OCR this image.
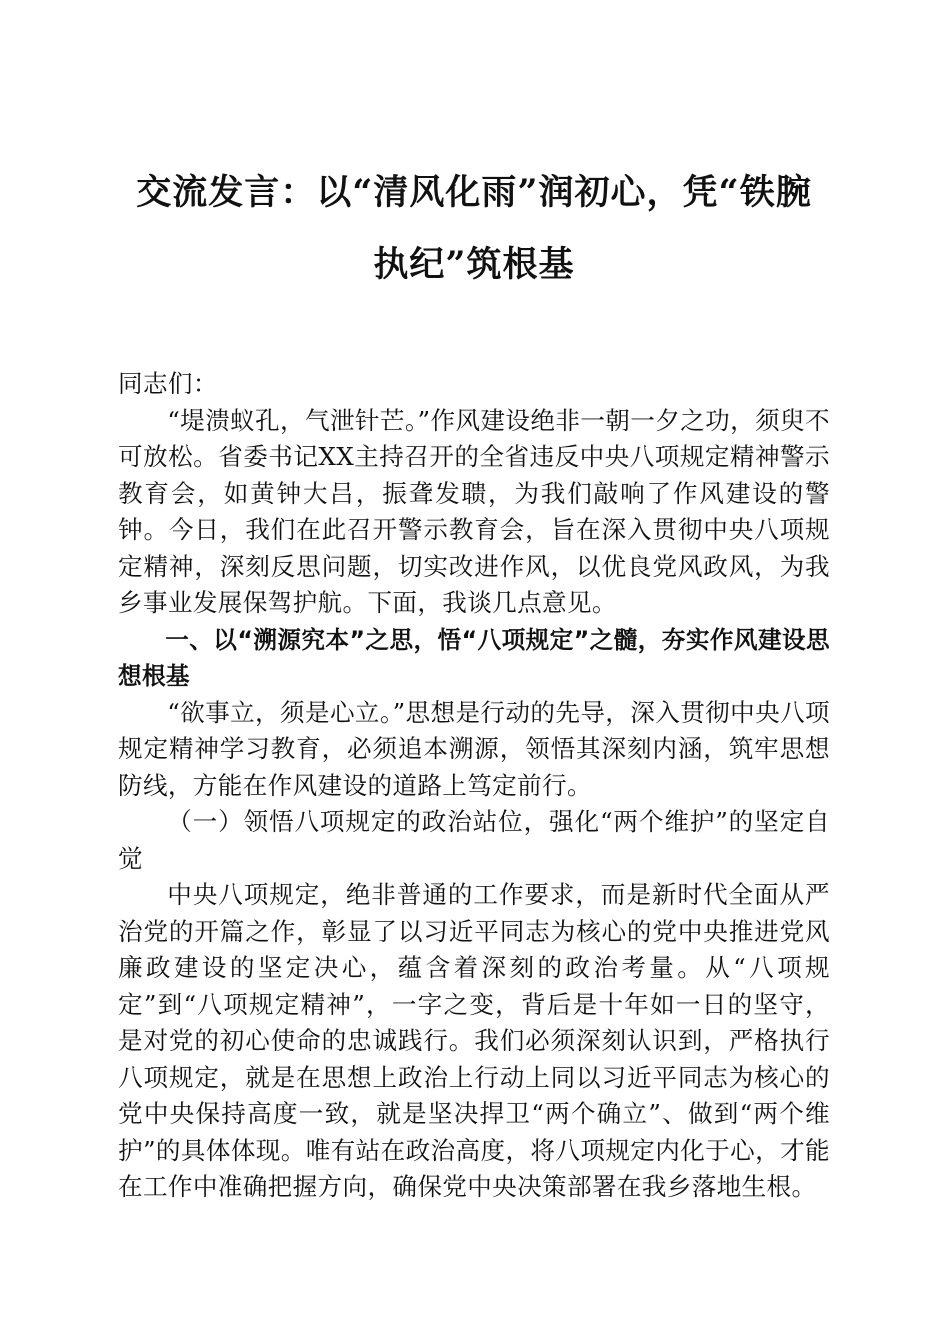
交流发言：以“清风化雨”润初心，凭“铁腕
执纪”筑根基

同志们：

“堤溃蚁孔，气泄针芒。”作风建设绝非一朝一夕之功，须臾不可放松。省委书记XX主持召开的全省违反中央八项规定精神警示教育会，如黄钟大吕，振聋发聩，为我们敲响了作风建设的警钟。今日，我们在此召开警示教育会，旨在深入贯彻中央八项规定精神，深刻反思问题，切实改进作风，以优良党风政风，为我乡事业发展保驾护航。下面，我谈几点意见。

一、以“溯源究本”之思，悟“八项规定”之髓，夯实作风建设思想根基

“欲事立，须是心立。”思想是行动的先导，深入贯彻中央八项规定精神学习教育，必须追本溯源，领悟其深刻内涵，筑牢思想防线，方能在作风建设的道路上笃定前行。

（一）领悟八项规定的政治站位，强化“两个维护”的坚定自觉

中央八项规定，绝非普通的工作要求，而是新时代全面从严治党的开篇之作，彰显了以习近平同志为核心的党中央推进党风廉政建设的坚定决心，蕴含着深刻的政治考量。从“八项规定”到“八项规定精神”，一字之变，背后是十年如一日的坚守，是对党的初心使命的忠诚践行。我们必须深刻认识到，严格执行八项规定，就是在思想上政治上行动上同以习近平同志为核心的党中央保持高度一致，就是坚决捍卫“两个确立”、做到“两个维护”的具体体现。唯有站在政治高度，将八项规定内化于心，才能在工作中准确把握方向，确保党中央决策部署在我乡落地生根。
